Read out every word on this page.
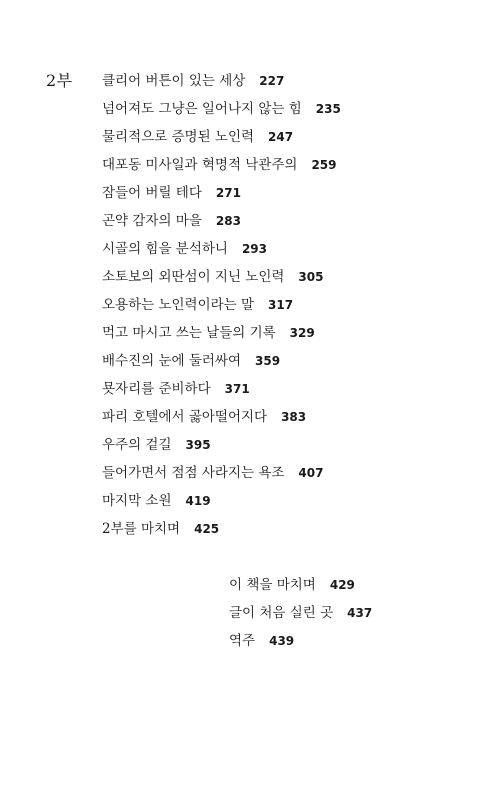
2부 클리어 버튼이 있는 세상 227
넘어져도 그냥은 일어나지 않는 힘 235
물리적으로 증명된 노인력 247
대포동 미사일과 혁명적 낙관주의 259
잠들어 버릴 테다 271
곤약 감자의 마을 283
시골의 힘을 분석하니 293
소토보의 외딴섬이 지닌 노인력 305
오용하는 노인력이라는 말 317
먹고 마시고 쓰는 날들의 기록 329
배수진의 눈에 둘러싸여 359
묫자리를 준비하다 371
파리 호텔에서 곯아떨어지다 383
우주의 겉길 395
들어가면서 점점 사라지는 욕조 407
마지막 소원 419
2부를 마치며 425
이 책을 마치며 429
글이 처음 실린 곳 437
역주 439
